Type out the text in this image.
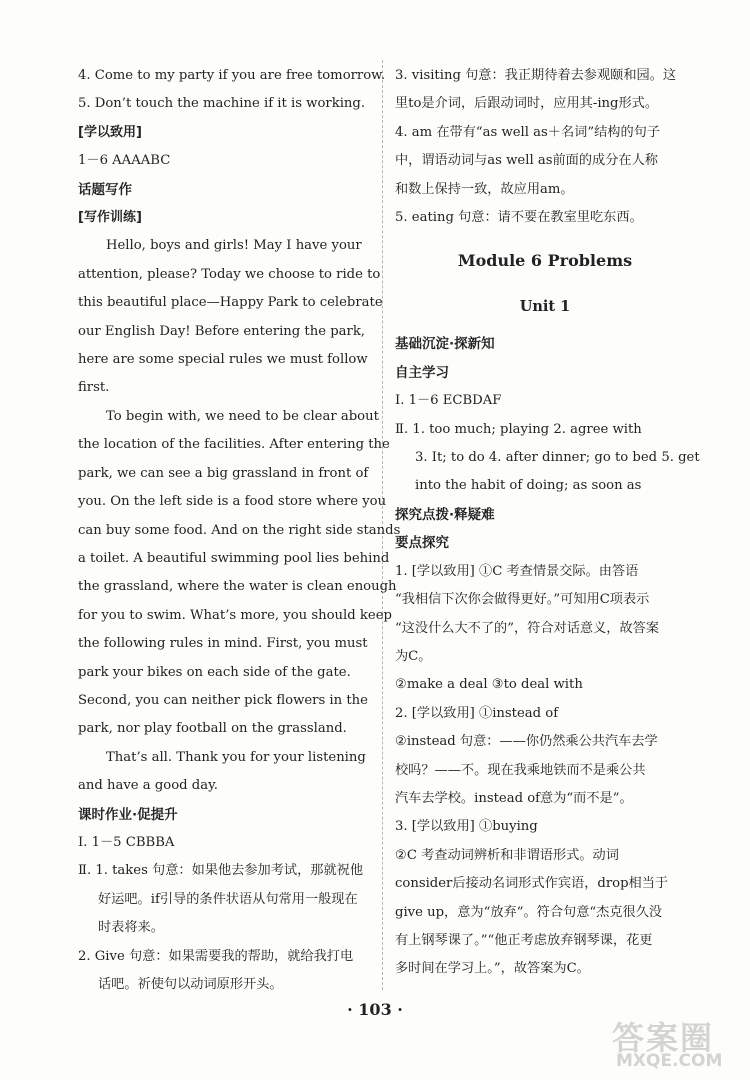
4. Come to my party if you are free tomorrow.
5. Don’t touch the machine if it is working.
[学以致用]
1－6 AAAABC
话题写作
[写作训练]
Hello, boys and girls! May I have your
attention, please? Today we choose to ride to
this beautiful place—Happy Park to celebrate
our English Day! Before entering the park,
here are some special rules we must follow
first.
To begin with, we need to be clear about
the location of the facilities. After entering the
park, we can see a big grassland in front of
you. On the left side is a food store where you
can buy some food. And on the right side stands
a toilet. A beautiful swimming pool lies behind
the grassland, where the water is clean enough
for you to swim. What’s more, you should keep
the following rules in mind. First, you must
park your bikes on each side of the gate.
Second, you can neither pick flowers in the
park, nor play football on the grassland.
That’s all. Thank you for your listening
and have a good day.
课时作业·促提升
Ⅰ. 1－5 CBBBA
Ⅱ. 1. takes 句意：如果他去参加考试，那就祝他
好运吧。if引导的条件状语从句常用一般现在
时表将来。
2. Give 句意：如果需要我的帮助，就给我打电
话吧。祈使句以动词原形开头。
3. visiting 句意：我正期待着去参观颐和园。这
里to是介词，后跟动词时，应用其-ing形式。
4. am 在带有“as well as＋名词”结构的句子
中，谓语动词与as well as前面的成分在人称
和数上保持一致，故应用am。
5. eating 句意：请不要在教室里吃东西。
Module 6 Problems
Unit 1
基础沉淀·探新知
自主学习
Ⅰ. 1－6 ECBDAF
Ⅱ. 1. too much; playing 2. agree with
3. It; to do 4. after dinner; go to bed 5. get
into the habit of doing; as soon as
探究点拨·释疑难
要点探究
1. [学以致用] ①C 考查情景交际。由答语
“我相信下次你会做得更好。”可知用C项表示
“这没什么大不了的”，符合对话意义，故答案
为C。
②make a deal ③to deal with
2. [学以致用] ①instead of
②instead 句意：——你仍然乘公共汽车去学
校吗？——不。现在我乘地铁而不是乘公共
汽车去学校。instead of意为“而不是”。
3. [学以致用] ①buying
②C 考查动词辨析和非谓语形式。动词
consider后接动名词形式作宾语，drop相当于
give up，意为“放弃”。符合句意“杰克很久没
有上钢琴课了。”“他正考虑放弃钢琴课，花更
多时间在学习上。”，故答案为C。
· 103 ·
答案圈
MXQE.COM
